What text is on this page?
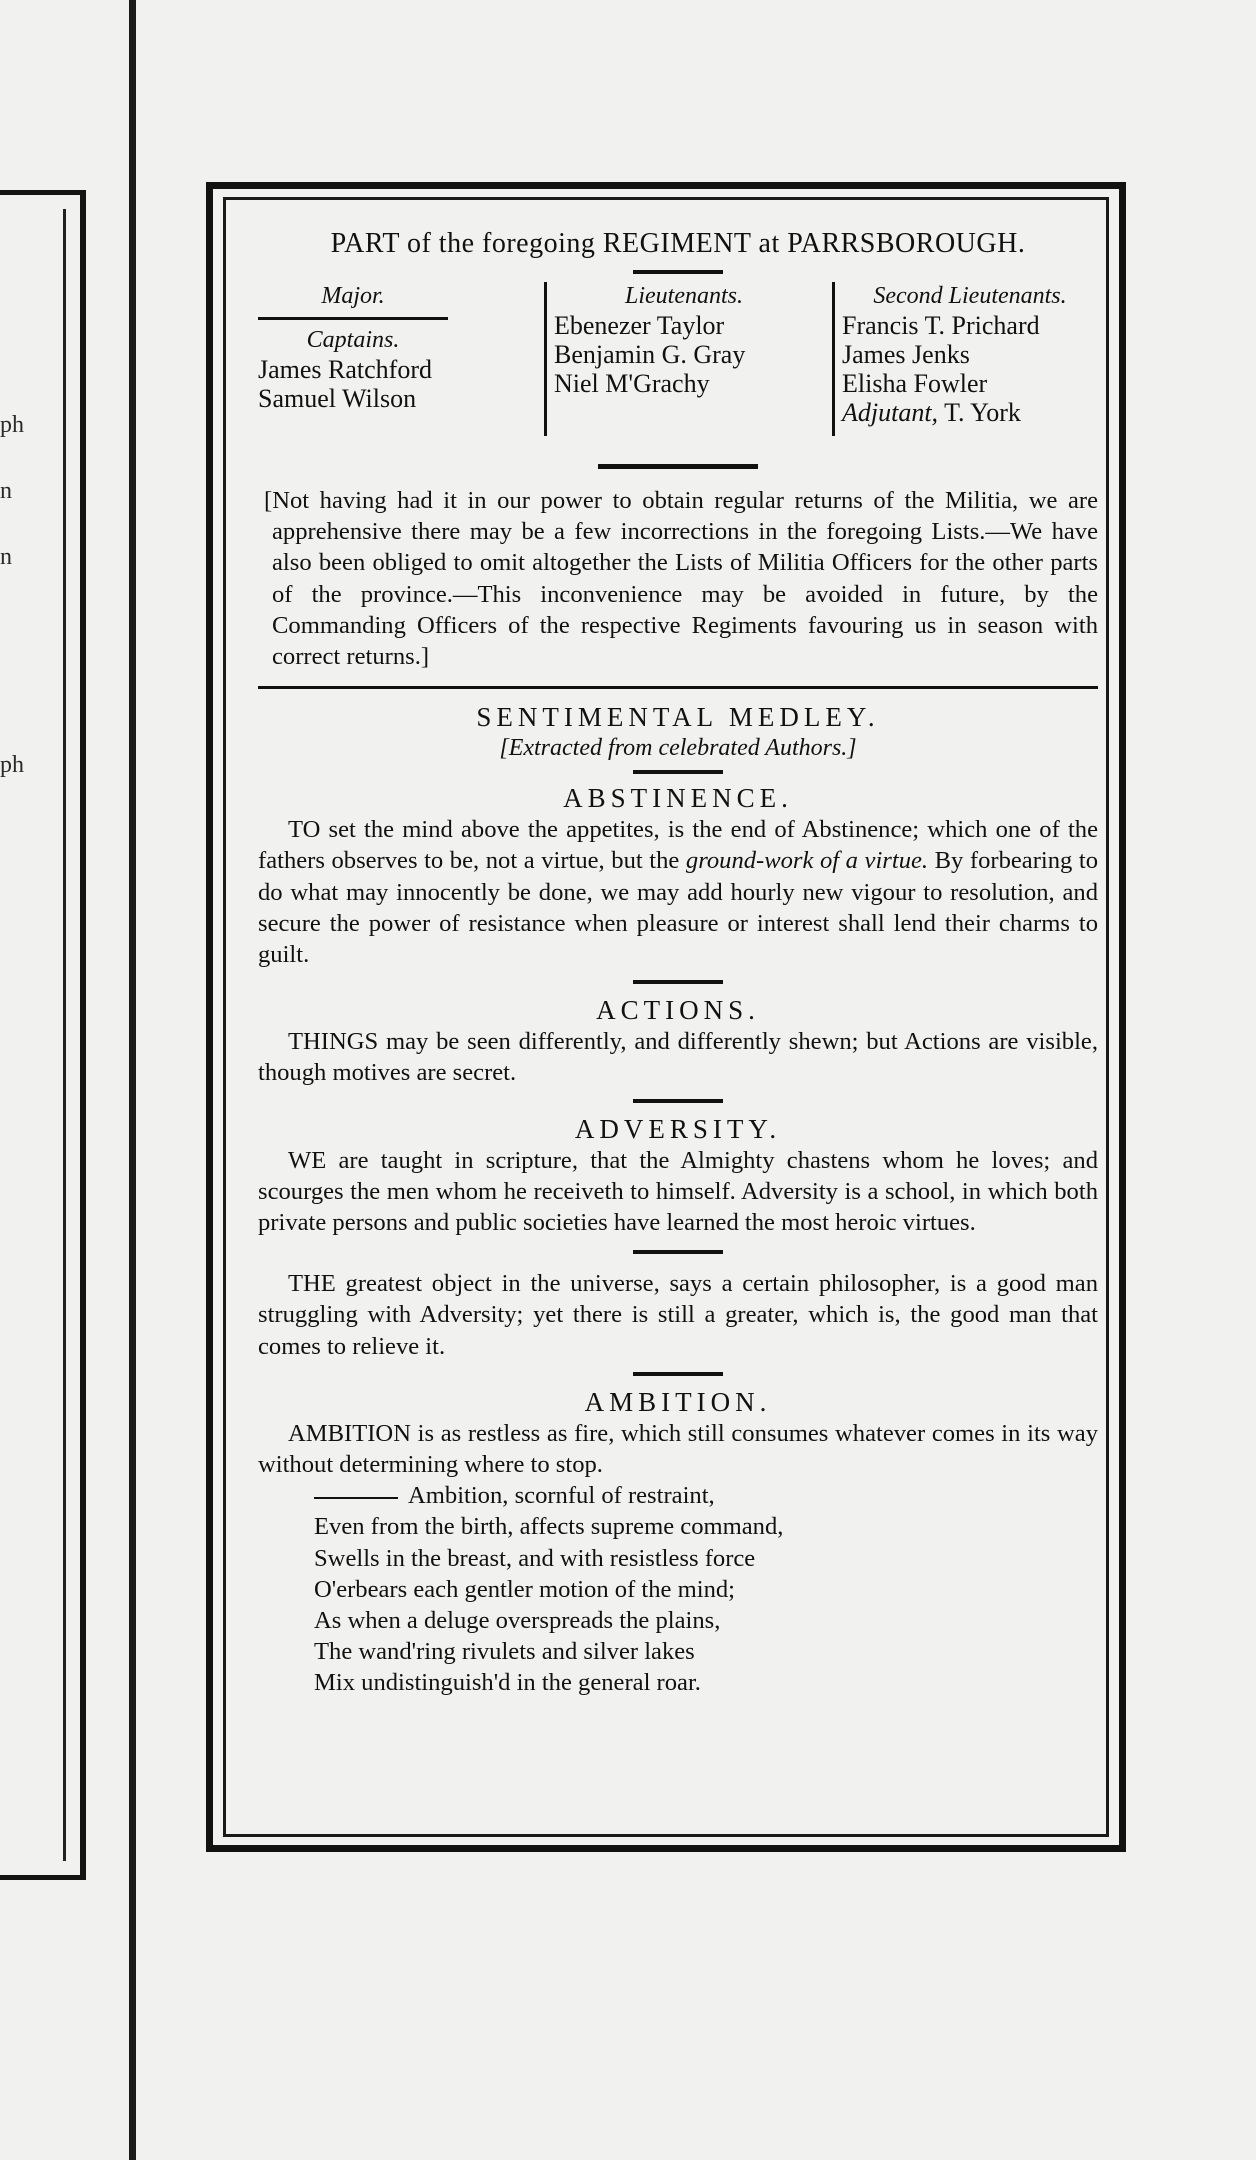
ph
n
n
ph

PART of the foregoing REGIMENT at PARRSBOROUGH.

Major.
Captains.
James Ratchford
Samuel Wilson
Lieutenants.
Ebenezer Taylor
Benjamin G. Gray
Niel M'Grachy
Second Lieutenants.
Francis T. Prichard
James Jenks
Elisha Fowler
Adjutant, T. York

[Not having had it in our power to obtain regular returns of the Militia, we are apprehensive there may be a few incorrections in the foregoing Lists.—We have also been obliged to omit altogether the Lists of Militia Officers for the other parts of the province.—This inconvenience may be avoided in future, by the Commanding Officers of the respective Regiments favouring us in season with correct returns.]

SENTIMENTAL MEDLEY.

[Extracted from celebrated Authors.]

ABSTINENCE.

TO set the mind above the appetites, is the end of Abstinence; which one of the fathers observes to be, not a virtue, but the ground-work of a virtue. By forbearing to do what may innocently be done, we may add hourly new vigour to resolution, and secure the power of resistance when pleasure or interest shall lend their charms to guilt.

ACTIONS.

THINGS may be seen differently, and differently shewn; but Actions are visible, though motives are secret.

ADVERSITY.

WE are taught in scripture, that the Almighty chastens whom he loves; and scourges the men whom he receiveth to himself. Adversity is a school, in which both private persons and public societies have learned the most heroic virtues.

THE greatest object in the universe, says a certain philosopher, is a good man struggling with Adversity; yet there is still a greater, which is, the good man that comes to relieve it.

AMBITION.

AMBITION is as restless as fire, which still consumes whatever comes in its way without determining where to stop.

Ambition, scornful of restraint,

Even from the birth, affects supreme command,

Swells in the breast, and with resistless force

O'erbears each gentler motion of the mind;

As when a deluge overspreads the plains,

The wand'ring rivulets and silver lakes

Mix undistinguish'd in the general roar.
